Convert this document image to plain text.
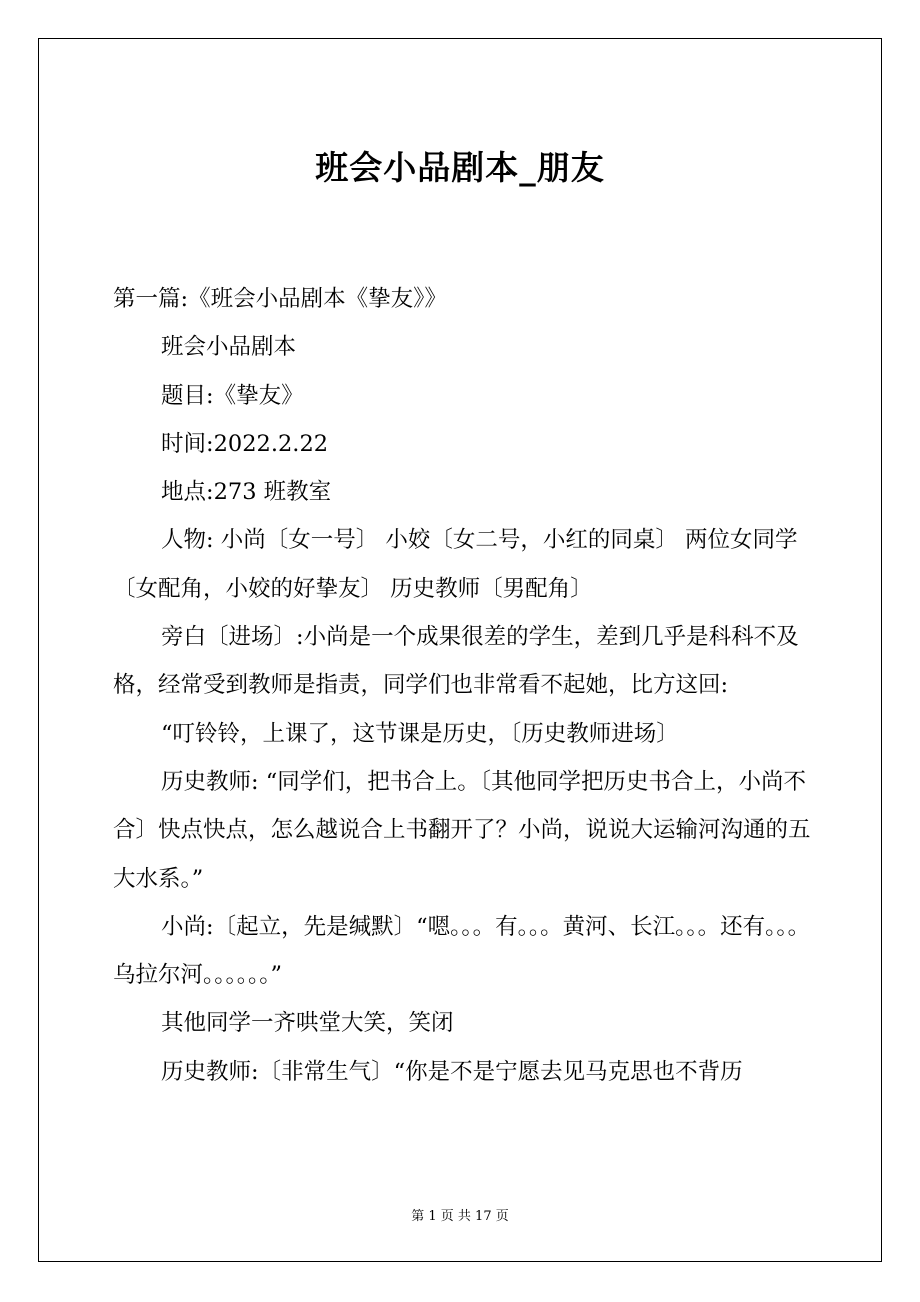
班会小品剧本_朋友

第一篇:《班会小品剧本《挚友》》

班会小品剧本

题目:《挚友》

时间:2022.2.22

地点:273 班教室

人物: 小尚〔女一号〕 小姣〔女二号，小红的同桌〕 两位女同学〔女配角，小姣的好挚友〕 历史教师〔男配角〕

旁白〔进场〕:小尚是一个成果很差的学生，差到几乎是科科不及格，经常受到教师是指责，同学们也非常看不起她，比方这回:

“叮铃铃，上课了，这节课是历史，〔历史教师进场〕

历史教师: “同学们，把书合上。〔其他同学把历史书合上，小尚不合〕快点快点，怎么越说合上书翻开了？小尚，说说大运输河沟通的五大水系。”

小尚:〔起立，先是缄默〕“嗯。。。有。。。黄河、长江。。。还有。。。乌拉尔河。。。。。。”

其他同学一齐哄堂大笑，笑闭

历史教师:〔非常生气〕“你是不是宁愿去见马克思也不背历

第 1 页 共 17 页
